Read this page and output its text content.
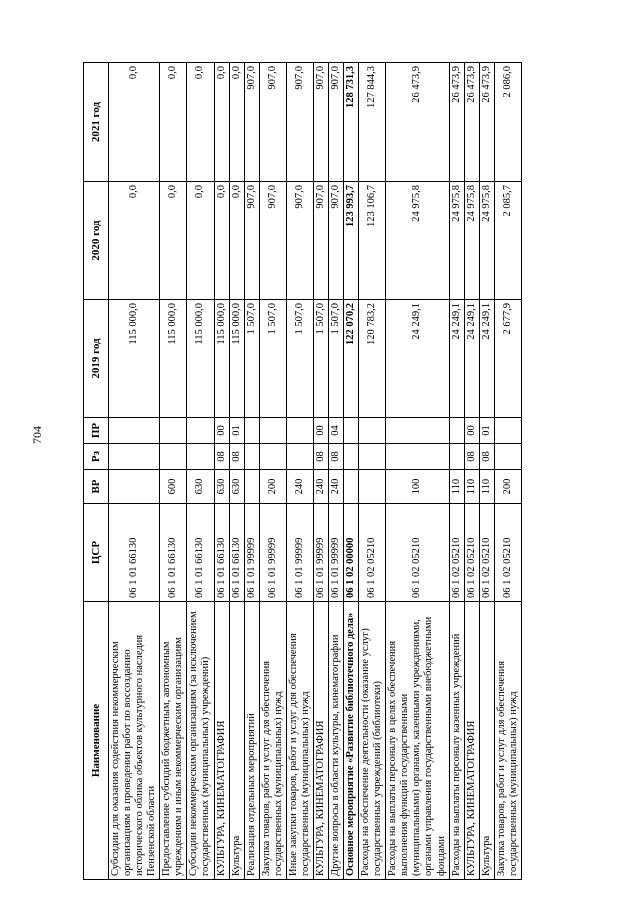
704
Наименование	ЦСР	ВР	Рз	ПР	2019 год	2020 год	2021 год
Субсидии для оказания содействия некоммерческим организациям в проведении работ по воссозданию исторического облика объектов культурного наследия Пензенской области	06 1 01 66130				115 000,0	0,0	0,0
Предоставление субсидий бюджетным, автономным учреждениям и иным некоммерческим организациям	06 1 01 66130	600			115 000,0	0,0	0,0
Субсидии некоммерческим организациям (за исключением государственных (муниципальных) учреждений)	06 1 01 66130	630			115 000,0	0,0	0,0
КУЛЬТУРА, КИНЕМАТОГРАФИЯ	06 1 01 66130	630	08	00	115 000,0	0,0	0,0
Культура	06 1 01 66130	630	08	01	115 000,0	0,0	0,0
Реализация отдельных мероприятий	06 1 01 99999				1 507,0	907,0	907,0
Закупка товаров, работ и услуг для обеспечения государственных (муниципальных) нужд	06 1 01 99999	200			1 507,0	907,0	907,0
Иные закупки товаров, работ и услуг для обеспечения государственных (муниципальных) нужд	06 1 01 99999	240			1 507,0	907,0	907,0
КУЛЬТУРА, КИНЕМАТОГРАФИЯ	06 1 01 99999	240	08	00	1 507,0	907,0	907,0
Другие вопросы в области культуры, кинематографии	06 1 01 99999	240	08	04	1 507,0	907,0	907,0
Основное мероприятие «Развитие библиотечного дела»	06 1 02 00000				122 070,2	123 993,7	128 731,3
Расходы на обеспечение деятельности (оказание услуг) государственных учреждений (библиотеки)	06 1 02 05210				120 783,2	123 106,7	127 844,3
Расходы на выплаты персоналу в целях обеспечения выполнения функций государственными (муниципальными) органами, казенными учреждениями, органами управления государственными внебюджетными фондами	06 1 02 05210	100			24 249,1	24 975,8	26 473,9
Расходы на выплаты персоналу казенных учреждений	06 1 02 05210	110			24 249,1	24 975,8	26 473,9
КУЛЬТУРА, КИНЕМАТОГРАФИЯ	06 1 02 05210	110	08	00	24 249,1	24 975,8	26 473,9
Культура	06 1 02 05210	110	08	01	24 249,1	24 975,8	26 473,9
Закупка товаров, работ и услуг для обеспечения государственных (муниципальных) нужд	06 1 02 05210	200			2 677,9	2 085,7	2 086,0
